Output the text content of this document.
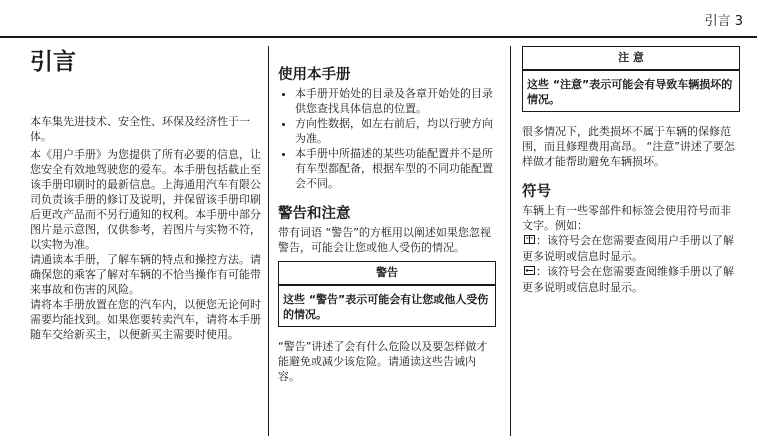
引言 3
引言

本车集先进技术、安全性、环保及经济性于一体。

本《用户手册》为您提供了所有必要的信息，让您安全有效地驾驶您的爱车。本手册包括截止至该手册印刷时的最新信息。上海通用汽车有限公司负责该手册的修订及说明，并保留该手册印刷后更改产品而不另行通知的权利。本手册中部分图片是示意图，仅供参考，若图片与实物不符，以实物为准。

请通读本手册，了解车辆的特点和操控方法。请确保您的乘客了解对车辆的不恰当操作有可能带来事故和伤害的风险。

请将本手册放置在您的汽车内，以便您无论何时需要均能找到。如果您要转卖汽车，请将本手册随车交给新买主，以便新买主需要时使用。

使用本手册
• 本手册开始处的目录及各章开始处的目录供您查找具体信息的位置。
• 方向性数据，如左右前后，均以行驶方向为准。
• 本手册中所描述的某些功能配置并不是所有车型都配备，根据车型的不同功能配置会不同。
警告和注意

带有词语 “警告”的方框用以阐述如果您忽视警告，可能会让您或他人受伤的情况。

警告
这些 “警告”表示可能会有让您或他人受伤的情况。

“警告”讲述了会有什么危险以及要怎样做才能避免或减少该危险。请通读这些告诫内容。

注 意
这些 “注意”表示可能会有导致车辆损坏的情况。

很多情况下，此类损坏不属于车辆的保修范围，而且修理费用高昂。 “注意”讲述了要怎样做才能帮助避免车辆损坏。

符号

车辆上有一些零部件和标签会使用符号而非文字。例如：

：该符号会在您需要查阅用户手册以了解更多说明或信息时显示。

：该符号会在您需要查阅维修手册以了解更多说明或信息时显示。
